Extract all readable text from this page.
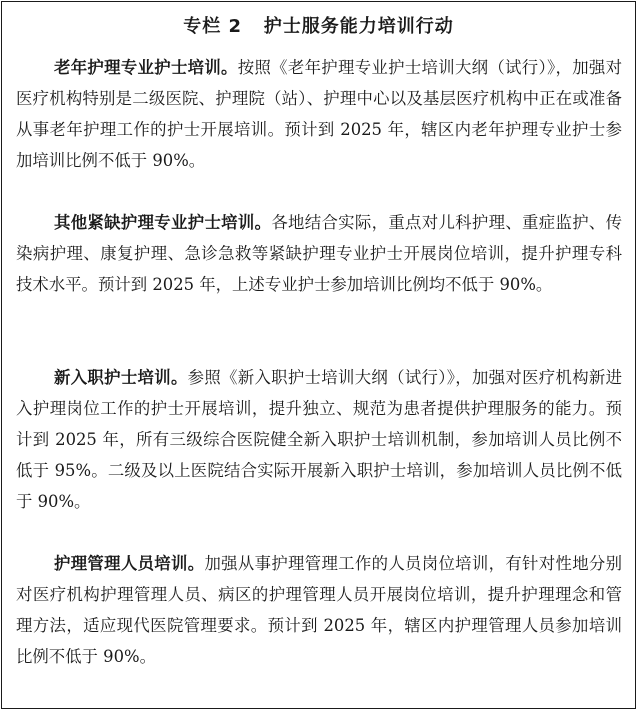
专栏 2   护士服务能力培训行动

老年护理专业护士培训。按照《老年护理专业护士培训大纲（试行）》，加强对医疗机构特别是二级医院、护理院（站）、护理中心以及基层医疗机构中正在或准备从事老年护理工作的护士开展培训。预计到 2025 年，辖区内老年护理专业护士参加培训比例不低于 90%。

其他紧缺护理专业护士培训。各地结合实际，重点对儿科护理、重症监护、传染病护理、康复护理、急诊急救等紧缺护理专业护士开展岗位培训，提升护理专科技术水平。预计到 2025 年，上述专业护士参加培训比例均不低于 90%。

新入职护士培训。参照《新入职护士培训大纲（试行）》，加强对医疗机构新进入护理岗位工作的护士开展培训，提升独立、规范为患者提供护理服务的能力。预计到 2025 年，所有三级综合医院健全新入职护士培训机制，参加培训人员比例不低于 95%。二级及以上医院结合实际开展新入职护士培训，参加培训人员比例不低于 90%。

护理管理人员培训。加强从事护理管理工作的人员岗位培训，有针对性地分别对医疗机构护理管理人员、病区的护理管理人员开展岗位培训，提升护理理念和管理方法，适应现代医院管理要求。预计到 2025 年，辖区内护理管理人员参加培训比例不低于 90%。
